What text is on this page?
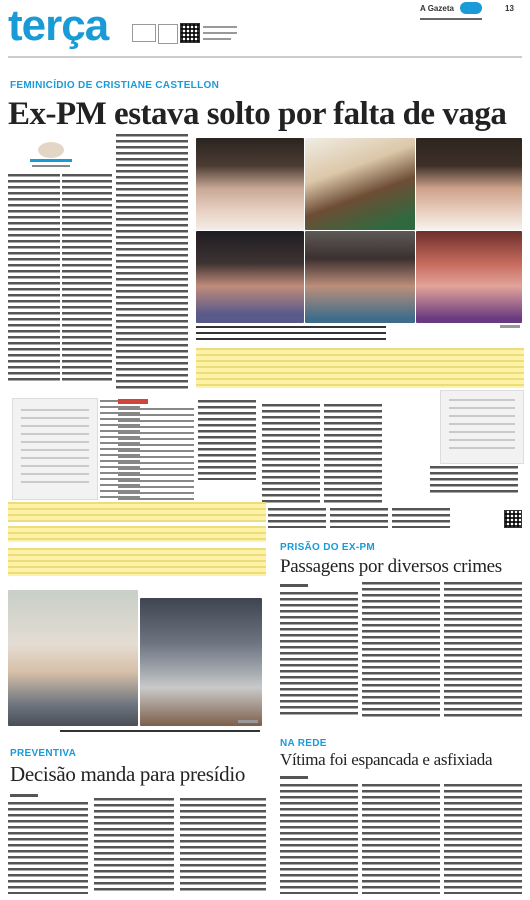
terça	A Gazeta	13
FEMINICÍDIO DE CRISTIANE CASTELLON
Ex-PM estava solto por falta de vaga
PRISÃO DO EX-PM
Passagens por diversos crimes
NA REDE
Vítima foi espancada e asfixiada
PREVENTIVA
Decisão manda para presídio
